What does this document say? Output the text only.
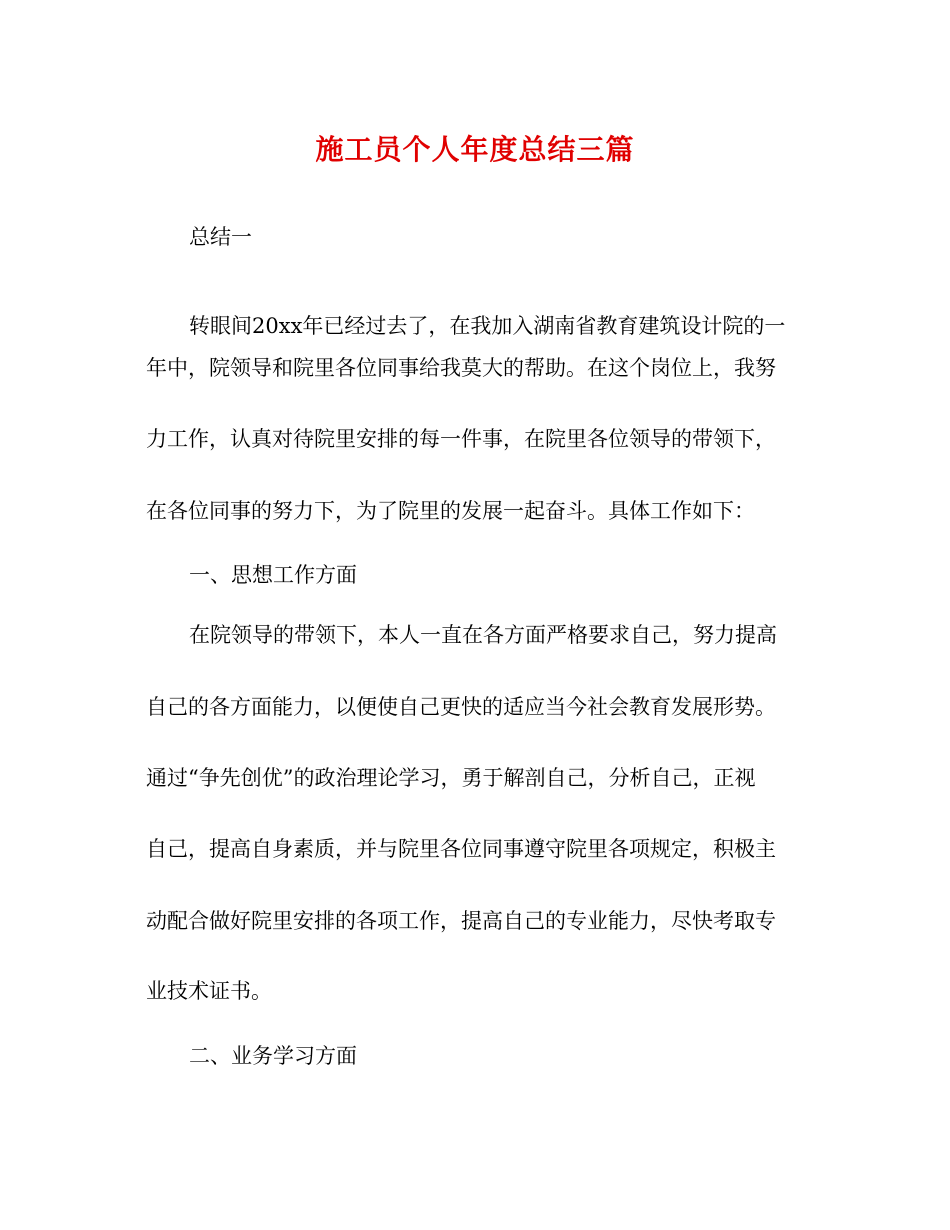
施工员个人年度总结三篇
总结一
转眼间20xx年已经过去了，在我加入湖南省教育建筑设计院的一
年中，院领导和院里各位同事给我莫大的帮助。在这个岗位上，我努
力工作，认真对待院里安排的每一件事，在院里各位领导的带领下，
在各位同事的努力下，为了院里的发展一起奋斗。具体工作如下：
一、思想工作方面
在院领导的带领下，本人一直在各方面严格要求自己，努力提高
自己的各方面能力，以便使自己更快的适应当今社会教育发展形势。
通过“争先创优”的政治理论学习，勇于解剖自己，分析自己，正视
自己，提高自身素质，并与院里各位同事遵守院里各项规定，积极主
动配合做好院里安排的各项工作，提高自己的专业能力，尽快考取专
业技术证书。
二、业务学习方面
